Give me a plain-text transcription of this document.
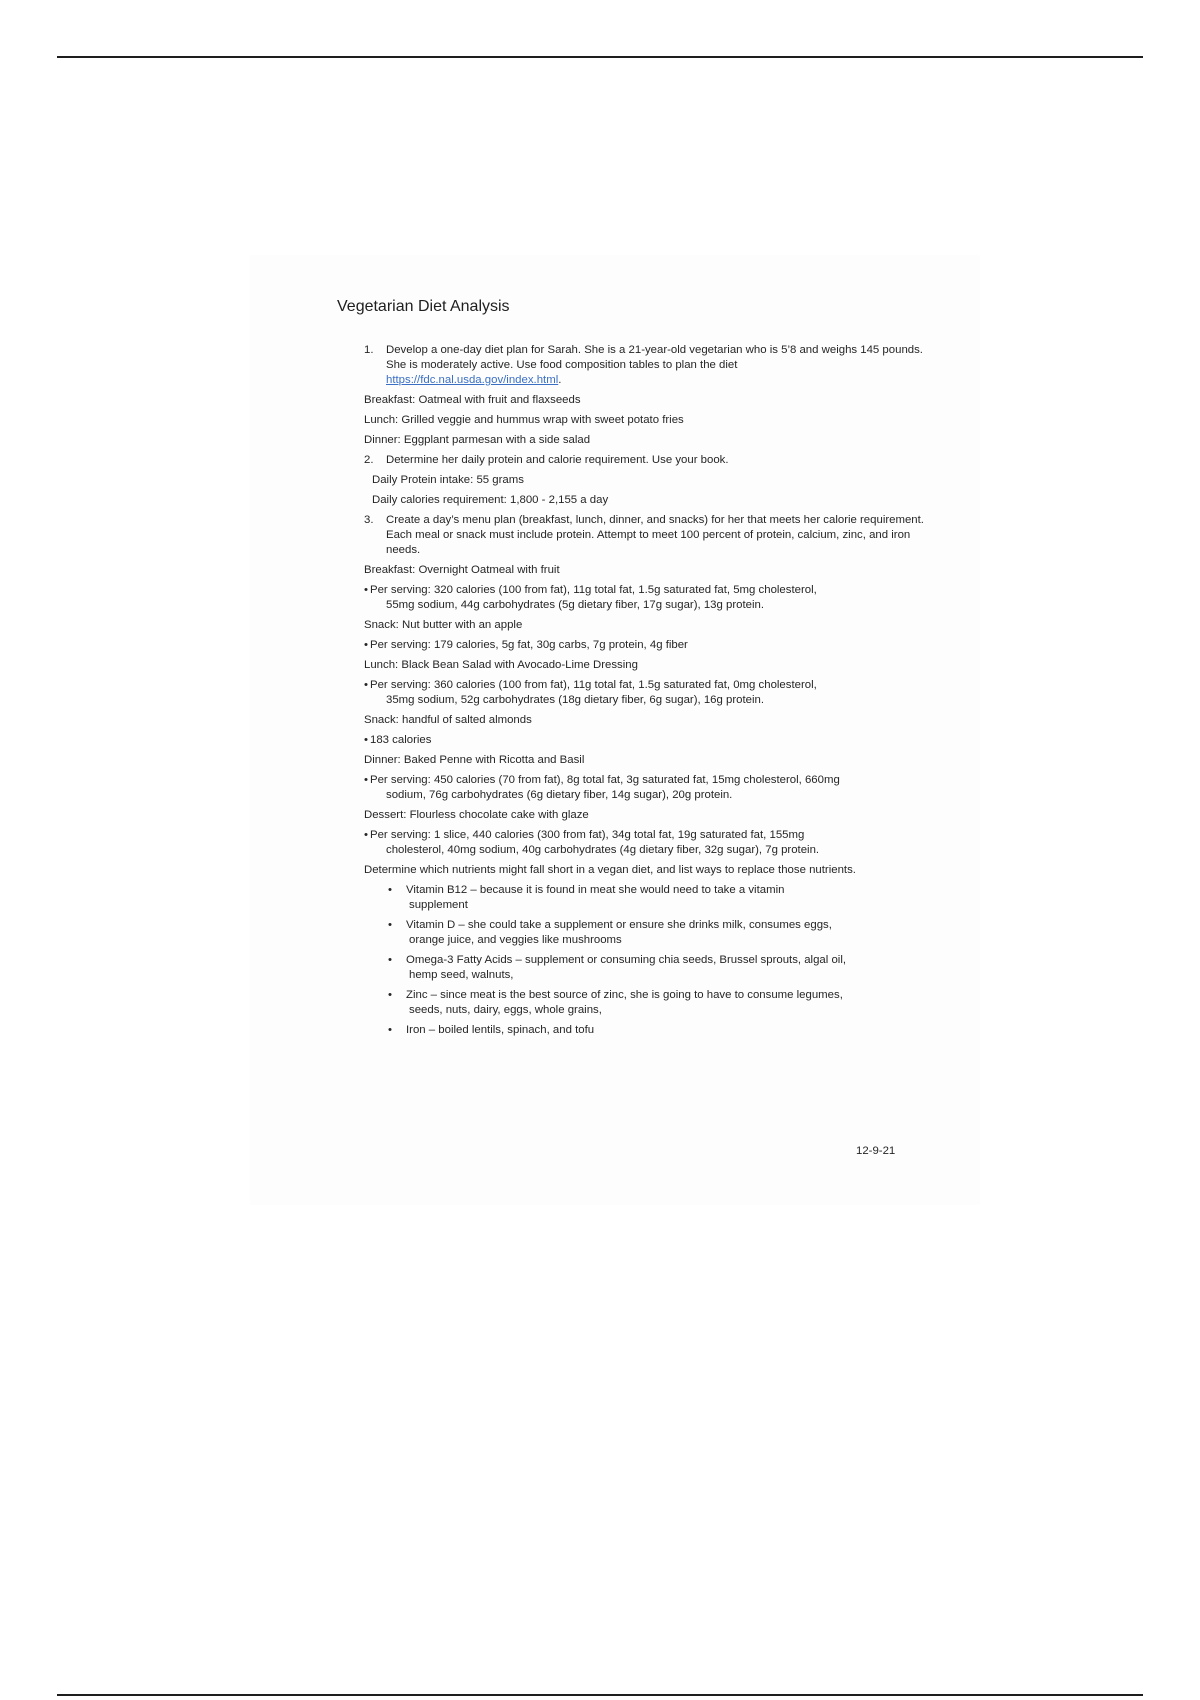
Vegetarian Diet Analysis
1.	Develop a one-day diet plan for Sarah. She is a 21-year-old vegetarian who is 5’8 and weighs 145 pounds. She is moderately active. Use food composition tables to plan the diet
https://fdc.nal.usda.gov/index.html.
Breakfast: Oatmeal with fruit and flaxseeds
Lunch: Grilled veggie and hummus wrap with sweet potato fries
Dinner: Eggplant parmesan with a side salad
2.	Determine her daily protein and calorie requirement. Use your book.
Daily Protein intake: 55 grams
Daily calories requirement: 1,800 - 2,155 a day
3.	Create a day’s menu plan (breakfast, lunch, dinner, and snacks) for her that meets her calorie requirement. Each meal or snack must include protein. Attempt to meet 100 percent of protein, calcium, zinc, and iron needs.
Breakfast: Overnight Oatmeal with fruit
• Per serving: 320 calories (100 from fat), 11g total fat, 1.5g saturated fat, 5mg cholesterol,
55mg sodium, 44g carbohydrates (5g dietary fiber, 17g sugar), 13g protein.
Snack: Nut butter with an apple
• Per serving: 179 calories, 5g fat, 30g carbs, 7g protein, 4g fiber
Lunch: Black Bean Salad with Avocado-Lime Dressing
• Per serving: 360 calories (100 from fat), 11g total fat, 1.5g saturated fat, 0mg cholesterol,
35mg sodium, 52g carbohydrates (18g dietary fiber, 6g sugar), 16g protein.
Snack: handful of salted almonds
• 183 calories
Dinner: Baked Penne with Ricotta and Basil
• Per serving: 450 calories (70 from fat), 8g total fat, 3g saturated fat, 15mg cholesterol, 660mg
sodium, 76g carbohydrates (6g dietary fiber, 14g sugar), 20g protein.
Dessert: Flourless chocolate cake with glaze
• Per serving: 1 slice, 440 calories (300 from fat), 34g total fat, 19g saturated fat, 155mg
cholesterol, 40mg sodium, 40g carbohydrates (4g dietary fiber, 32g sugar), 7g protein.
Determine which nutrients might fall short in a vegan diet, and list ways to replace those nutrients.
•	Vitamin B12 – because it is found in meat she would need to take a vitamin
supplement
•	Vitamin D – she could take a supplement or ensure she drinks milk, consumes eggs,
orange juice, and veggies like mushrooms
•	Omega-3 Fatty Acids – supplement or consuming chia seeds, Brussel sprouts, algal oil,
hemp seed, walnuts,
•	Zinc – since meat is the best source of zinc, she is going to have to consume legumes,
seeds, nuts, dairy, eggs, whole grains,
•	Iron – boiled lentils, spinach, and tofu
12-9-21
